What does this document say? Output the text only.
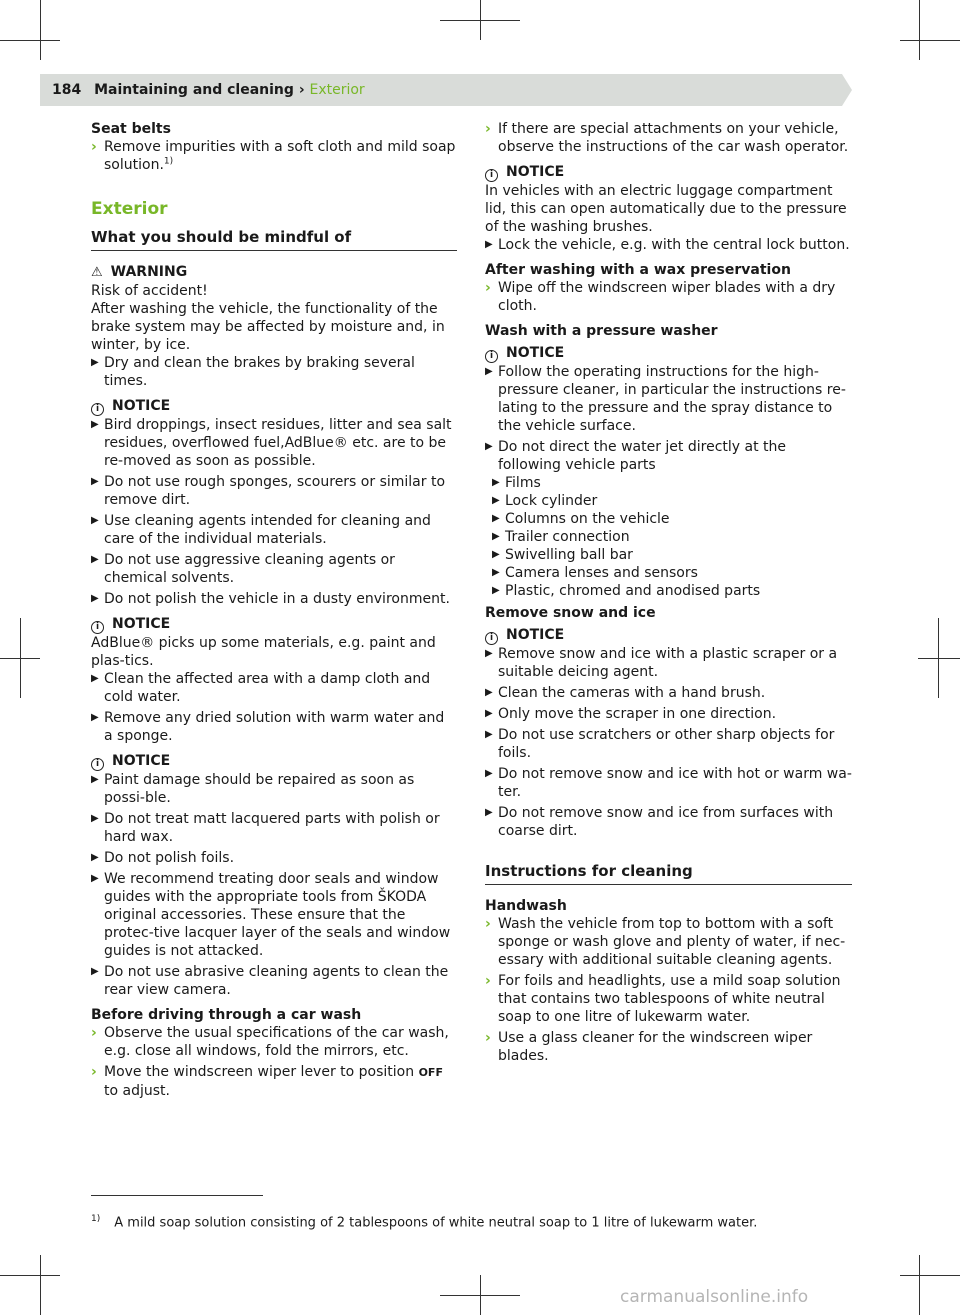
184 Maintaining and cleaning › Exterior

Seat belts

› Remove impurities with a soft cloth and mild soap solution.$^{1)}$
Exterior
What you should be mindful of
⚠ WARNING

Risk of accident!

After washing the vehicle, the functionality of the brake system may be affected by moisture and, in winter, by ice.

▶ Dry and clean the brakes by braking several times.
i NOTICE
▶ Bird droppings, insect residues, litter and sea salt residues, overflowed fuel,AdBlue® etc. are to be re-moved as soon as possible.
▶ Do not use rough sponges, scourers or similar to remove dirt.
▶ Use cleaning agents intended for cleaning and care of the individual materials.
▶ Do not use aggressive cleaning agents or chemical solvents.
▶ Do not polish the vehicle in a dusty environment.
i NOTICE

AdBlue® picks up some materials, e.g. paint and plas-tics.

▶ Clean the affected area with a damp cloth and cold water.
▶ Remove any dried solution with warm water and a sponge.
i NOTICE
▶ Paint damage should be repaired as soon as possi-ble.
▶ Do not treat matt lacquered parts with polish or hard wax.
▶ Do not polish foils.
▶ We recommend treating door seals and window guides with the appropriate tools from ŠKODA original accessories. These ensure that the protec-tive lacquer layer of the seals and window guides is not attacked.
▶ Do not use abrasive cleaning agents to clean the rear view camera.

Before driving through a car wash

› Observe the usual specifications of the car wash, e.g. close all windows, fold the mirrors, etc.
› Move the windscreen wiper lever to position OFF to adjust.
› If there are special attachments on your vehicle, observe the instructions of the car wash operator.
i NOTICE

In vehicles with an electric luggage compartment lid, this can open automatically due to the pressure of the washing brushes.

▶ Lock the vehicle, e.g. with the central lock button.

After washing with a wax preservation

› Wipe off the windscreen wiper blades with a dry cloth.

Wash with a pressure washer

i NOTICE
▶ Follow the operating instructions for the high-pressure cleaner, in particular the instructions re-lating to the pressure and the spray distance to the vehicle surface.
▶ Do not direct the water jet directly at the following vehicle parts
▶ Films
▶ Lock cylinder
▶ Columns on the vehicle
▶ Trailer connection
▶ Swivelling ball bar
▶ Camera lenses and sensors
▶ Plastic, chromed and anodised parts

Remove snow and ice

i NOTICE
▶ Remove snow and ice with a plastic scraper or a suitable deicing agent.
▶ Clean the cameras with a hand brush.
▶ Only move the scraper in one direction.
▶ Do not use scratchers or other sharp objects for foils.
▶ Do not remove snow and ice with hot or warm wa-ter.
▶ Do not remove snow and ice from surfaces with coarse dirt.
Instructions for cleaning

Handwash

› Wash the vehicle from top to bottom with a soft sponge or wash glove and plenty of water, if nec-essary with additional suitable cleaning agents.
› For foils and headlights, use a mild soap solution that contains two tablespoons of white neutral soap to one litre of lukewarm water.
› Use a glass cleaner for the windscreen wiper blades.
$^{1)}$ A mild soap solution consisting of 2 tablespoons of white neutral soap to 1 litre of lukewarm water.
carmanualsonline.info
